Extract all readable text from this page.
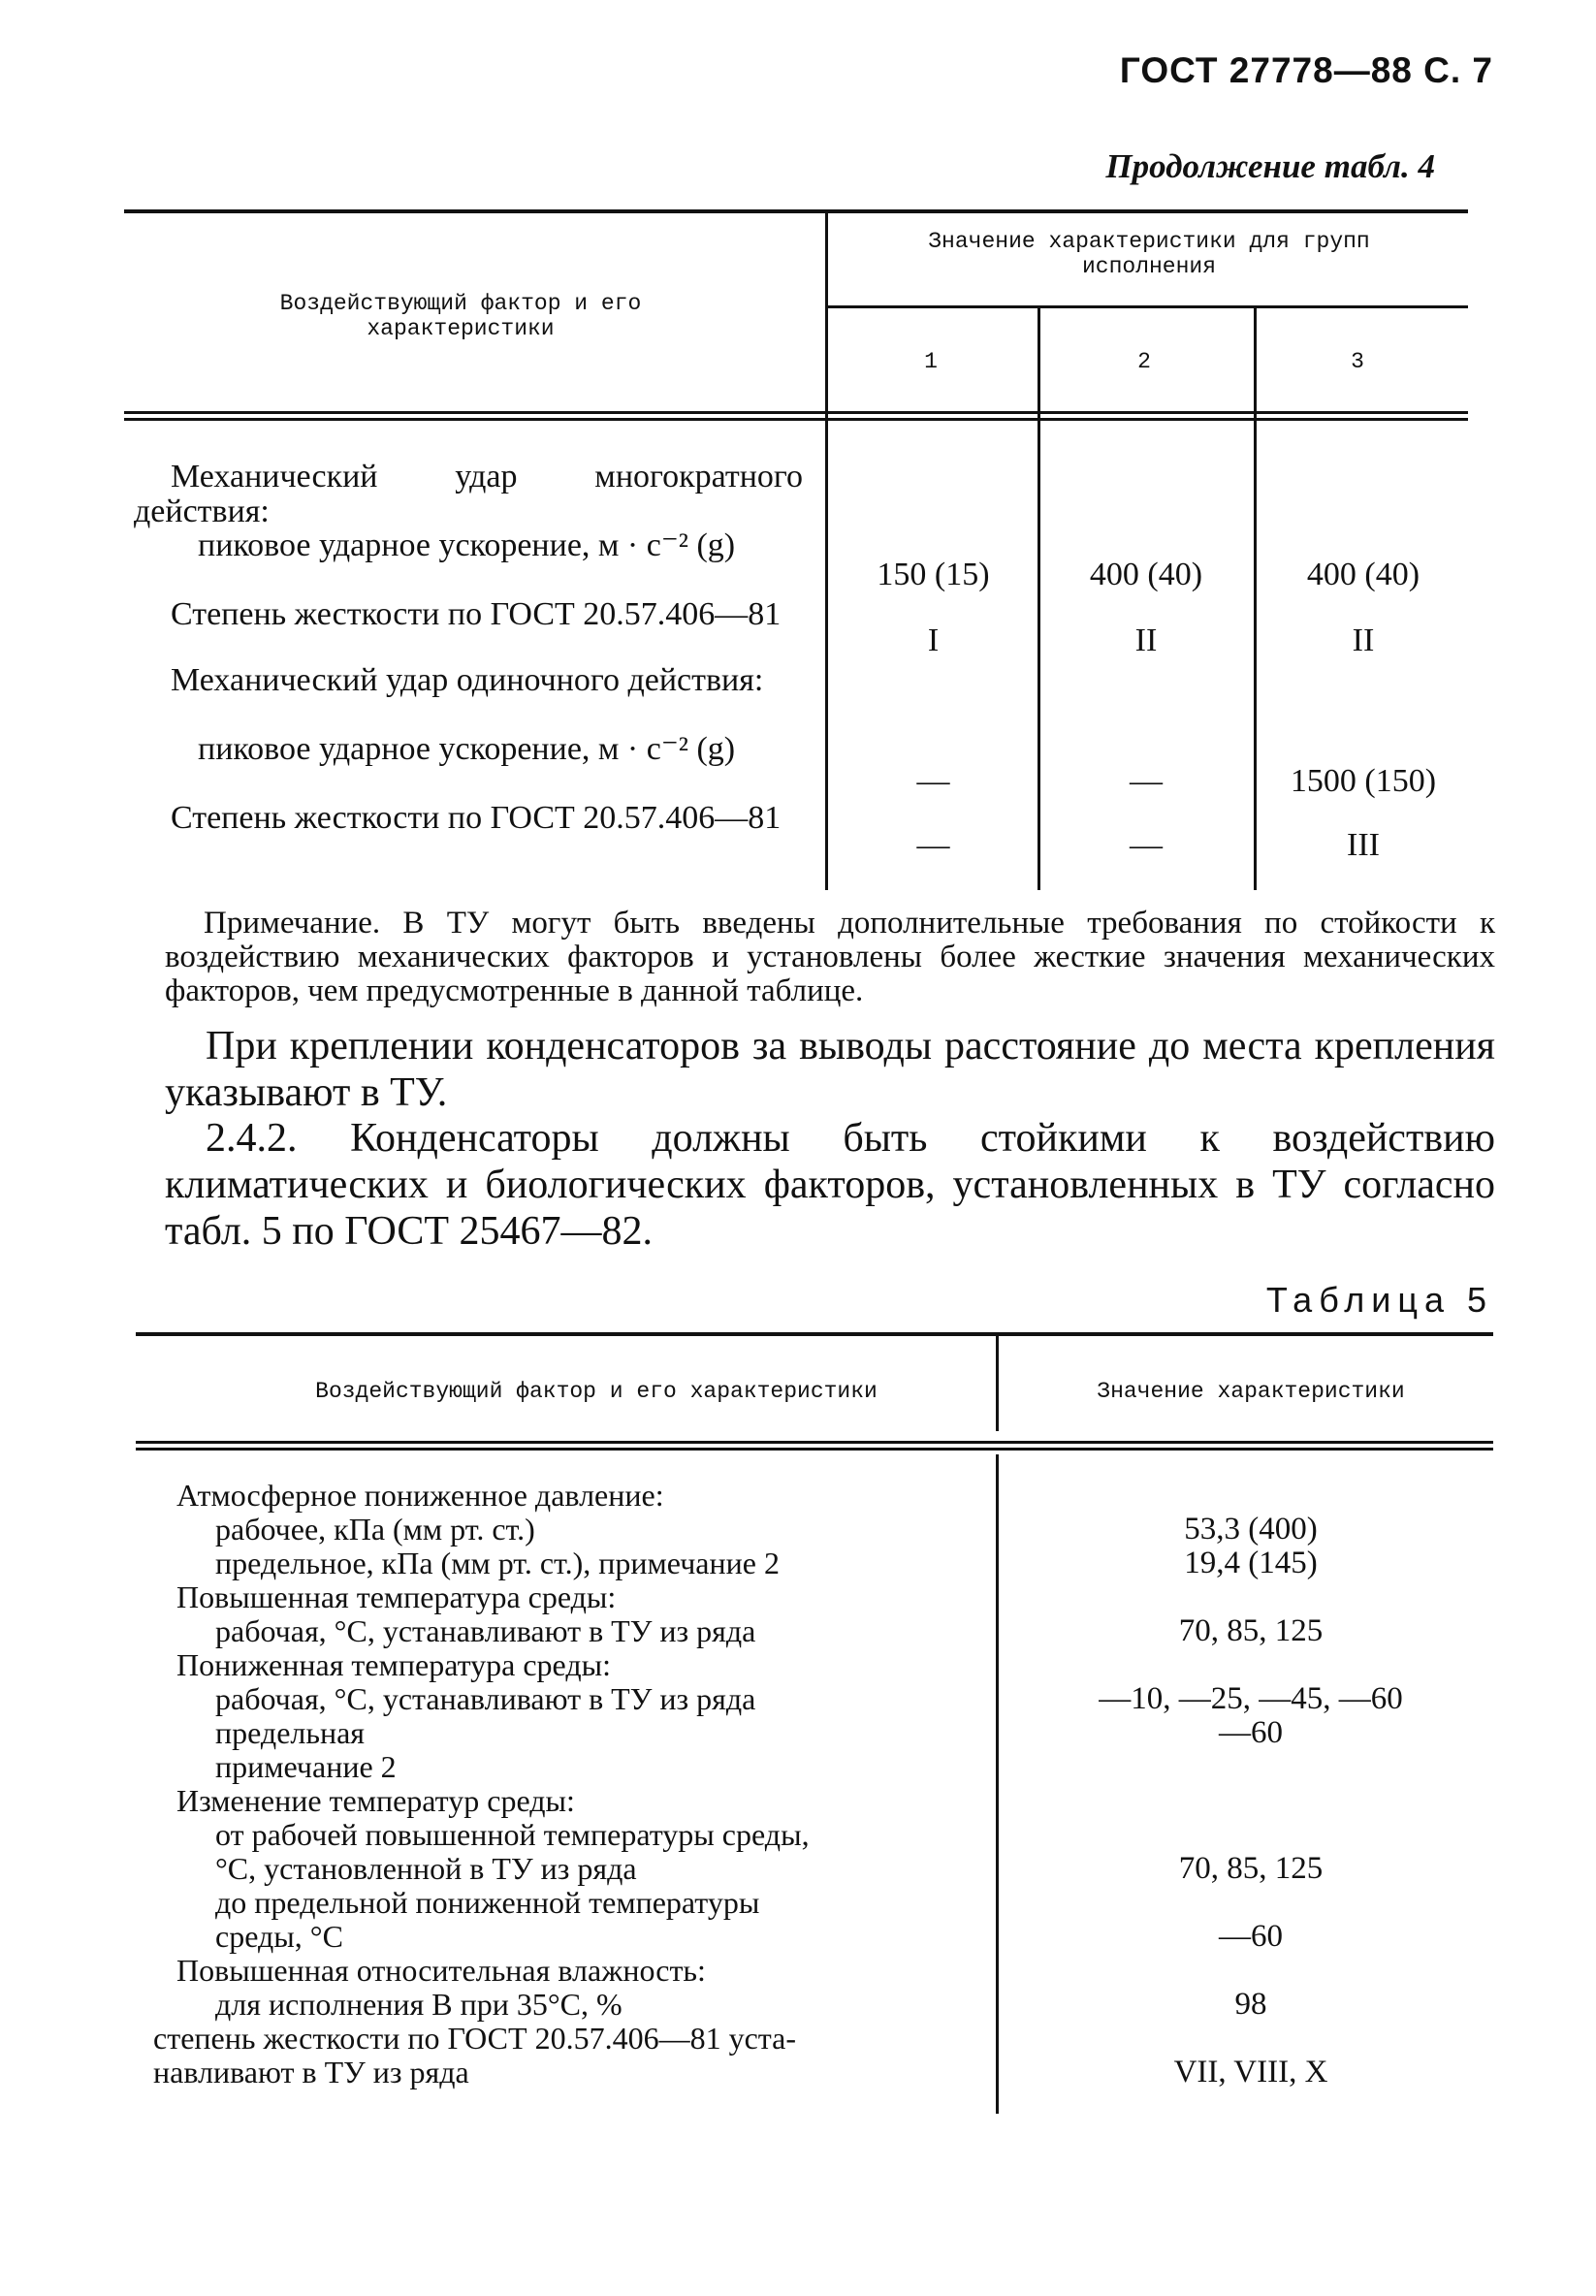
ГОСТ 27778—88 С. 7
Продолжение табл. 4
Воздействующий фактор и его характеристики
Значение характеристики для групп исполнения
1	2	3
Механический удар многократного действия:
пиковое ударное ускорение, м · с⁻² (g)
150 (15)	400 (40)	400 (40)
Степень жесткости по ГОСТ 20.57.406—81
I	II	II
Механический удар одиночного действия:
пиковое ударное ускорение, м · с⁻² (g)
—	—	1500 (150)
Степень жесткости по ГОСТ 20.57.406—81
—	—	III
Примечание. В ТУ могут быть введены дополнительные требования по стойкости к воздействию механических факторов и установлены более жесткие значения механических факторов, чем предусмотренные в данной таблице.
При креплении конденсаторов за выводы расстояние до места крепления указывают в ТУ.
2.4.2. Конденсаторы должны быть стойкими к воздействию климатических и биологических факторов, установленных в ТУ согласно табл. 5 по ГОСТ 25467—82.
Таблица 5
Воздействующий фактор и его характеристики	Значение характеристики
Атмосферное пониженное давление:
рабочее, кПа (мм рт. ст.)	53,3 (400)
предельное, кПа (мм рт. ст.), примечание 2	19,4 (145)
Повышенная температура среды:
рабочая, °С, устанавливают в ТУ из ряда	70, 85, 125
Пониженная температура среды:
рабочая, °С, устанавливают в ТУ из ряда	—10, —25, —45, —60
предельная	—60
примечание 2
Изменение температур среды:
от рабочей повышенной температуры среды,
°С, установленной в ТУ из ряда	70, 85, 125
до предельной пониженной температуры
среды, °С	—60
Повышенная относительная влажность:
для исполнения В при 35°С, %	98
степень жесткости по ГОСТ 20.57.406—81 уста-
навливают в ТУ из ряда	VII, VIII, X
